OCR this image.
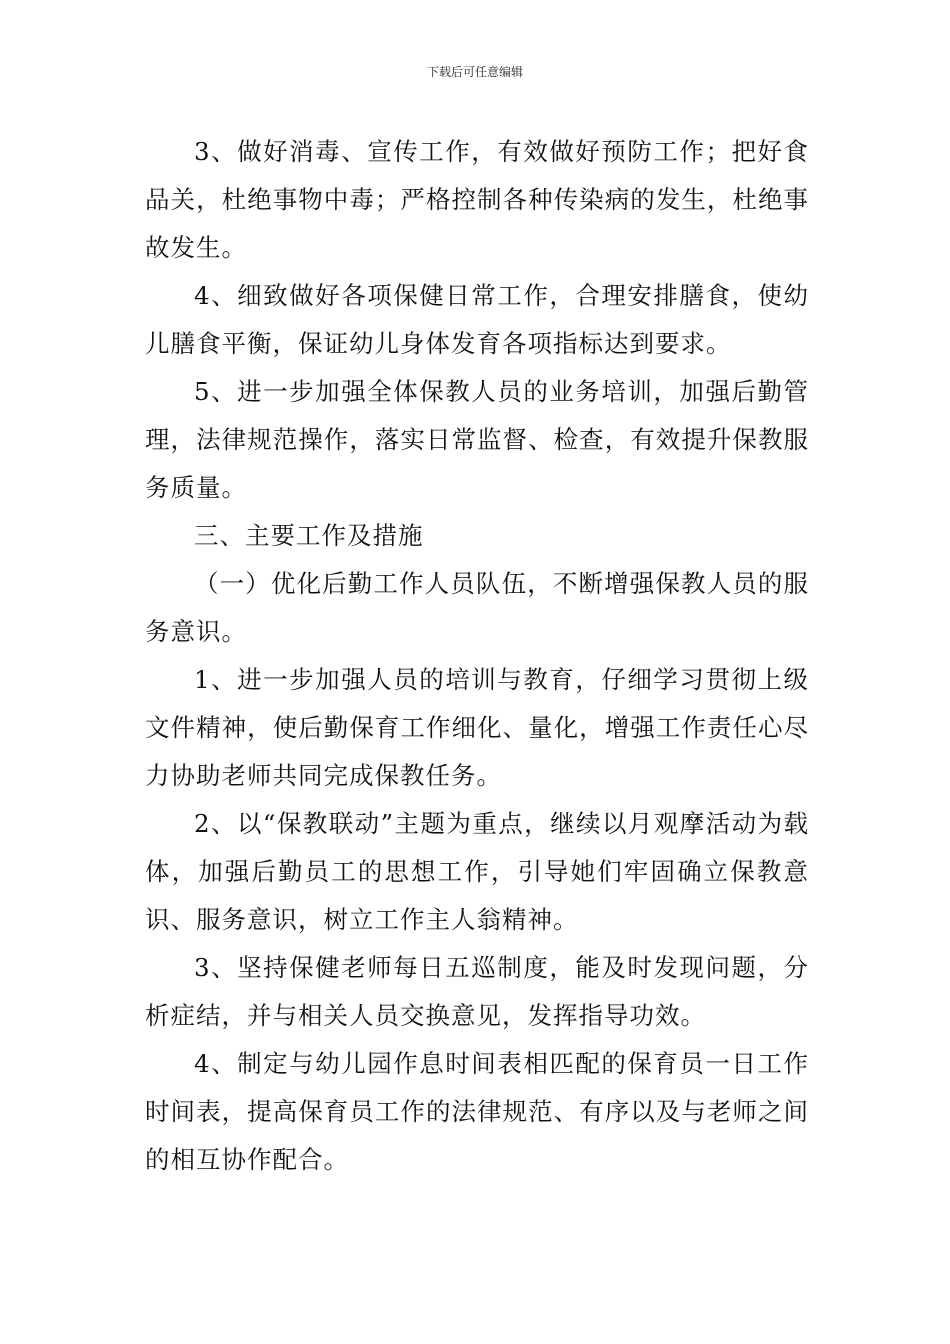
下载后可任意编辑

3、做好消毒、宣传工作，有效做好预防工作；把好食品关，杜绝事物中毒；严格控制各种传染病的发生，杜绝事故发生。

4、细致做好各项保健日常工作，合理安排膳食，使幼儿膳食平衡，保证幼儿身体发育各项指标达到要求。

5、进一步加强全体保教人员的业务培训，加强后勤管理，法律规范操作，落实日常监督、检查，有效提升保教服务质量。

三、主要工作及措施

（一）优化后勤工作人员队伍，不断增强保教人员的服务意识。

1、进一步加强人员的培训与教育，仔细学习贯彻上级文件精神，使后勤保育工作细化、量化，增强工作责任心尽力协助老师共同完成保教任务。

2、以“保教联动”主题为重点，继续以月观摩活动为载体，加强后勤员工的思想工作，引导她们牢固确立保教意识、服务意识，树立工作主人翁精神。

3、坚持保健老师每日五巡制度，能及时发现问题，分析症结，并与相关人员交换意见，发挥指导功效。

4、制定与幼儿园作息时间表相匹配的保育员一日工作时间表，提高保育员工作的法律规范、有序以及与老师之间的相互协作配合。
